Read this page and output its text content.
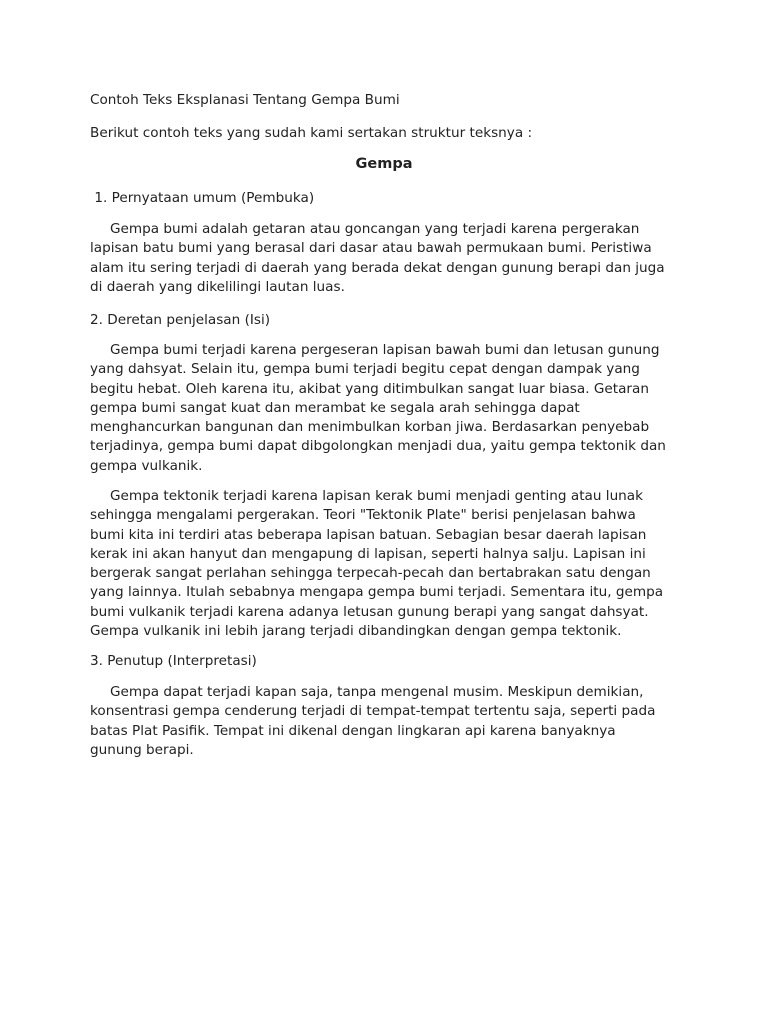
Contoh Teks Eksplanasi Tentang Gempa Bumi
Berikut contoh teks yang sudah kami sertakan struktur teksnya :
Gempa
1. Pernyataan umum (Pembuka)
Gempa bumi adalah getaran atau goncangan yang terjadi karena pergerakan
lapisan batu bumi yang berasal dari dasar atau bawah permukaan bumi. Peristiwa
alam itu sering terjadi di daerah yang berada dekat dengan gunung berapi dan juga
di daerah yang dikelilingi lautan luas.
2. Deretan penjelasan (Isi)
Gempa bumi terjadi karena pergeseran lapisan bawah bumi dan letusan gunung
yang dahsyat. Selain itu, gempa bumi terjadi begitu cepat dengan dampak yang
begitu hebat. Oleh karena itu, akibat yang ditimbulkan sangat luar biasa. Getaran
gempa bumi sangat kuat dan merambat ke segala arah sehingga dapat
menghancurkan bangunan dan menimbulkan korban jiwa. Berdasarkan penyebab
terjadinya, gempa bumi dapat dibgolongkan menjadi dua, yaitu gempa tektonik dan
gempa vulkanik.
Gempa tektonik terjadi karena lapisan kerak bumi menjadi genting atau lunak
sehingga mengalami pergerakan. Teori "Tektonik Plate" berisi penjelasan bahwa
bumi kita ini terdiri atas beberapa lapisan batuan. Sebagian besar daerah lapisan
kerak ini akan hanyut dan mengapung di lapisan, seperti halnya salju. Lapisan ini
bergerak sangat perlahan sehingga terpecah-pecah dan bertabrakan satu dengan
yang lainnya. Itulah sebabnya mengapa gempa bumi terjadi. Sementara itu, gempa
bumi vulkanik terjadi karena adanya letusan gunung berapi yang sangat dahsyat.
Gempa vulkanik ini lebih jarang terjadi dibandingkan dengan gempa tektonik.
3. Penutup (Interpretasi)
Gempa dapat terjadi kapan saja, tanpa mengenal musim. Meskipun demikian,
konsentrasi gempa cenderung terjadi di tempat-tempat tertentu saja, seperti pada
batas Plat Pasifik. Tempat ini dikenal dengan lingkaran api karena banyaknya
gunung berapi.
